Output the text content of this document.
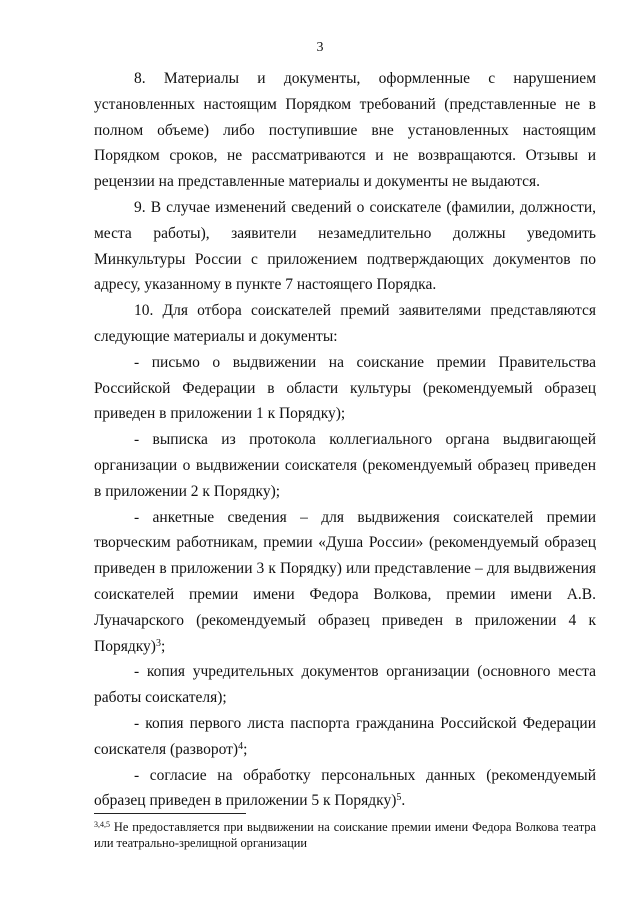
3

8. Материалы и документы, оформленные с нарушением установленных настоящим Порядком требований (представленные не в полном объеме) либо поступившие вне установленных настоящим Порядком сроков, не рассматриваются и не возвращаются. Отзывы и рецензии на представленные материалы и документы не выдаются.

9. В случае изменений сведений о соискателе (фамилии, должности, места работы), заявители незамедлительно должны уведомить Минкультуры России с приложением подтверждающих документов по адресу, указанному в пункте 7 настоящего Порядка.

10. Для отбора соискателей премий заявителями представляются следующие материалы и документы:

- письмо о выдвижении на соискание премии Правительства Российской Федерации в области культуры (рекомендуемый образец приведен в приложении 1 к Порядку);

- выписка из протокола коллегиального органа выдвигающей организации о выдвижении соискателя (рекомендуемый образец приведен в приложении 2 к Порядку);

- анкетные сведения – для выдвижения соискателей премии творческим работникам, премии «Душа России» (рекомендуемый образец приведен в приложении 3 к Порядку) или представление – для выдвижения соискателей премии имени Федора Волкова, премии имени А.В. Луначарского (рекомендуемый образец приведен в приложении 4 к Порядку)$^3$;

- копия учредительных документов организации (основного места работы соискателя);

- копия первого листа паспорта гражданина Российской Федерации соискателя (разворот)$^4$;

- согласие на обработку персональных данных (рекомендуемый образец приведен в приложении 5 к Порядку)$^5$.

$^{3,4,5}$ Не предоставляется при выдвижении на соискание премии имени Федора Волкова театра или театрально-зрелищной организации
